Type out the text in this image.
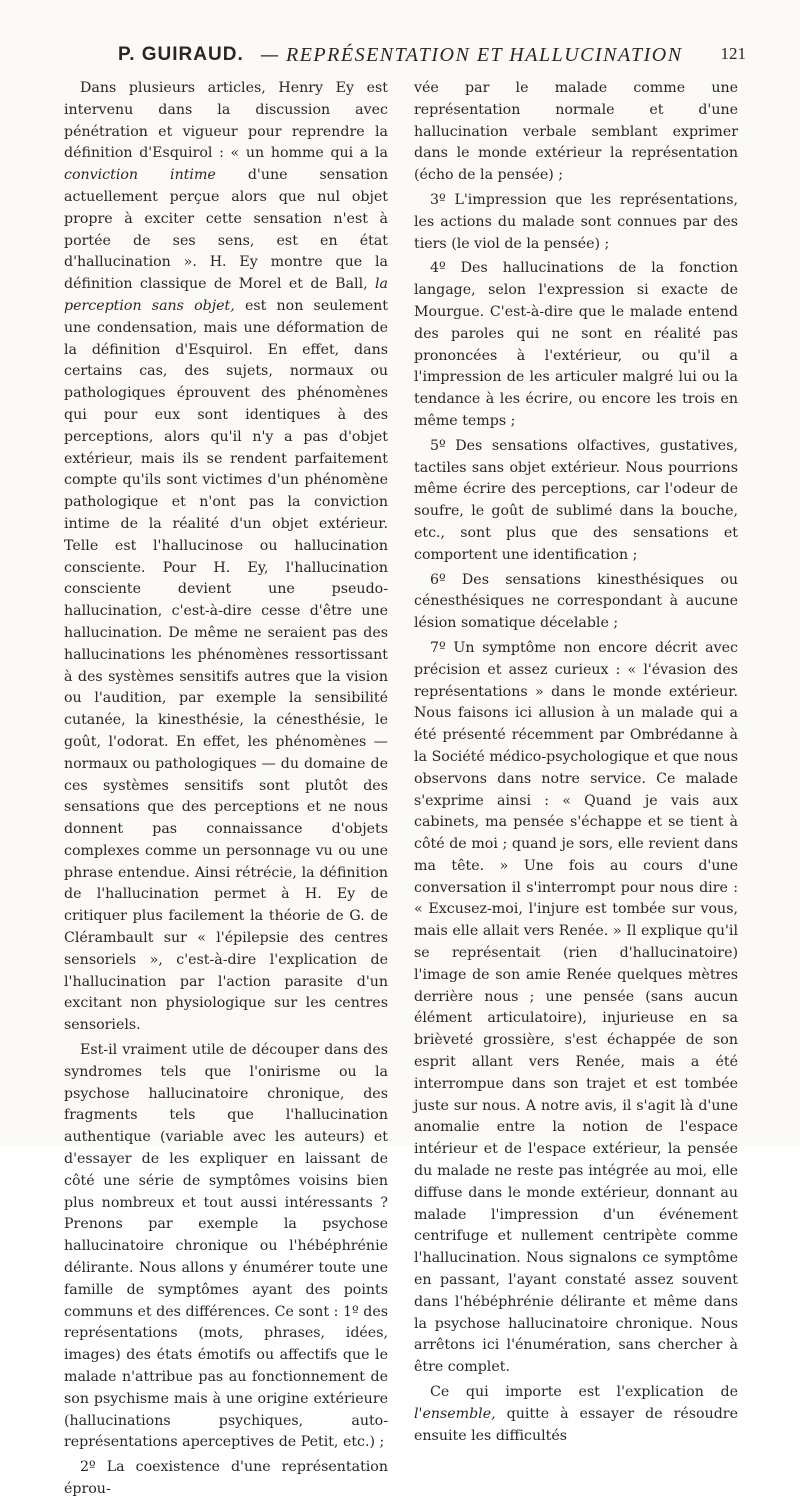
P. GUIRAUD. — REPRÉSENTATION ET HALLUCINATION 121

Dans plusieurs articles, Henry Ey est intervenu dans la discussion avec pénétration et vigueur pour reprendre la définition d'Esquirol : « un homme qui a la conviction intime d'une sensation actuellement perçue alors que nul objet propre à exciter cette sensation n'est à portée de ses sens, est en état d'hallucination ». H. Ey montre que la définition classique de Morel et de Ball, la perception sans objet, est non seulement une condensation, mais une déformation de la définition d'Esquirol. En effet, dans certains cas, des sujets, normaux ou pathologiques éprouvent des phénomènes qui pour eux sont identiques à des perceptions, alors qu'il n'y a pas d'objet extérieur, mais ils se rendent parfaitement compte qu'ils sont victimes d'un phénomène pathologique et n'ont pas la conviction intime de la réalité d'un objet extérieur. Telle est l'hallucinose ou hallucination consciente. Pour H. Ey, l'hallucination consciente devient une pseudo-hallucination, c'est-à-dire cesse d'être une hallucination. De même ne seraient pas des hallucinations les phénomènes ressortissant à des systèmes sensitifs autres que la vision ou l'audition, par exemple la sensibilité cutanée, la kinesthésie, la cénesthésie, le goût, l'odorat. En effet, les phénomènes — normaux ou pathologiques — du domaine de ces systèmes sensitifs sont plutôt des sensations que des perceptions et ne nous donnent pas connaissance d'objets complexes comme un personnage vu ou une phrase entendue. Ainsi rétrécie, la définition de l'hallucination permet à H. Ey de critiquer plus facilement la théorie de G. de Clérambault sur « l'épilepsie des centres sensoriels », c'est-à-dire l'explication de l'hallucination par l'action parasite d'un excitant non physiologique sur les centres sensoriels.

Est-il vraiment utile de découper dans des syndromes tels que l'onirisme ou la psychose hallucinatoire chronique, des fragments tels que l'hallucination authentique (variable avec les auteurs) et d'essayer de les expliquer en laissant de côté une série de symptômes voisins bien plus nombreux et tout aussi intéressants ? Prenons par exemple la psychose hallucinatoire chronique ou l'hébéphrénie délirante. Nous allons y énumérer toute une famille de symptômes ayant des points communs et des différences. Ce sont : 1º des représentations (mots, phrases, idées, images) des états émotifs ou affectifs que le malade n'attribue pas au fonctionnement de son psychisme mais à une origine extérieure (hallucinations psychiques, auto-représentations aperceptives de Petit, etc.) ;

2º La coexistence d'une représentation éprou-

vée par le malade comme une représentation normale et d'une hallucination verbale semblant exprimer dans le monde extérieur la représentation (écho de la pensée) ;

3º L'impression que les représentations, les actions du malade sont connues par des tiers (le viol de la pensée) ;

4º Des hallucinations de la fonction langage, selon l'expression si exacte de Mourgue. C'est-à-dire que le malade entend des paroles qui ne sont en réalité pas prononcées à l'extérieur, ou qu'il a l'impression de les articuler malgré lui ou la tendance à les écrire, ou encore les trois en même temps ;

5º Des sensations olfactives, gustatives, tactiles sans objet extérieur. Nous pourrions même écrire des perceptions, car l'odeur de soufre, le goût de sublimé dans la bouche, etc., sont plus que des sensations et comportent une identification ;

6º Des sensations kinesthésiques ou cénesthésiques ne correspondant à aucune lésion somatique décelable ;

7º Un symptôme non encore décrit avec précision et assez curieux : « l'évasion des représentations » dans le monde extérieur. Nous faisons ici allusion à un malade qui a été présenté récemment par Ombrédanne à la Société médico-psychologique et que nous observons dans notre service. Ce malade s'exprime ainsi : « Quand je vais aux cabinets, ma pensée s'échappe et se tient à côté de moi ; quand je sors, elle revient dans ma tête. » Une fois au cours d'une conversation il s'interrompt pour nous dire : « Excusez-moi, l'injure est tombée sur vous, mais elle allait vers Renée. » Il explique qu'il se représentait (rien d'hallucinatoire) l'image de son amie Renée quelques mètres derrière nous ; une pensée (sans aucun élément articulatoire), injurieuse en sa brièveté grossière, s'est échappée de son esprit allant vers Renée, mais a été interrompue dans son trajet et est tombée juste sur nous. A notre avis, il s'agit là d'une anomalie entre la notion de l'espace intérieur et de l'espace extérieur, la pensée du malade ne reste pas intégrée au moi, elle diffuse dans le monde extérieur, donnant au malade l'impression d'un événement centrifuge et nullement centripète comme l'hallucination. Nous signalons ce symptôme en passant, l'ayant constaté assez souvent dans l'hébéphrénie délirante et même dans la psychose hallucinatoire chronique. Nous arrêtons ici l'énumération, sans chercher à être complet.

Ce qui importe est l'explication de l'ensemble, quitte à essayer de résoudre ensuite les difficultés
